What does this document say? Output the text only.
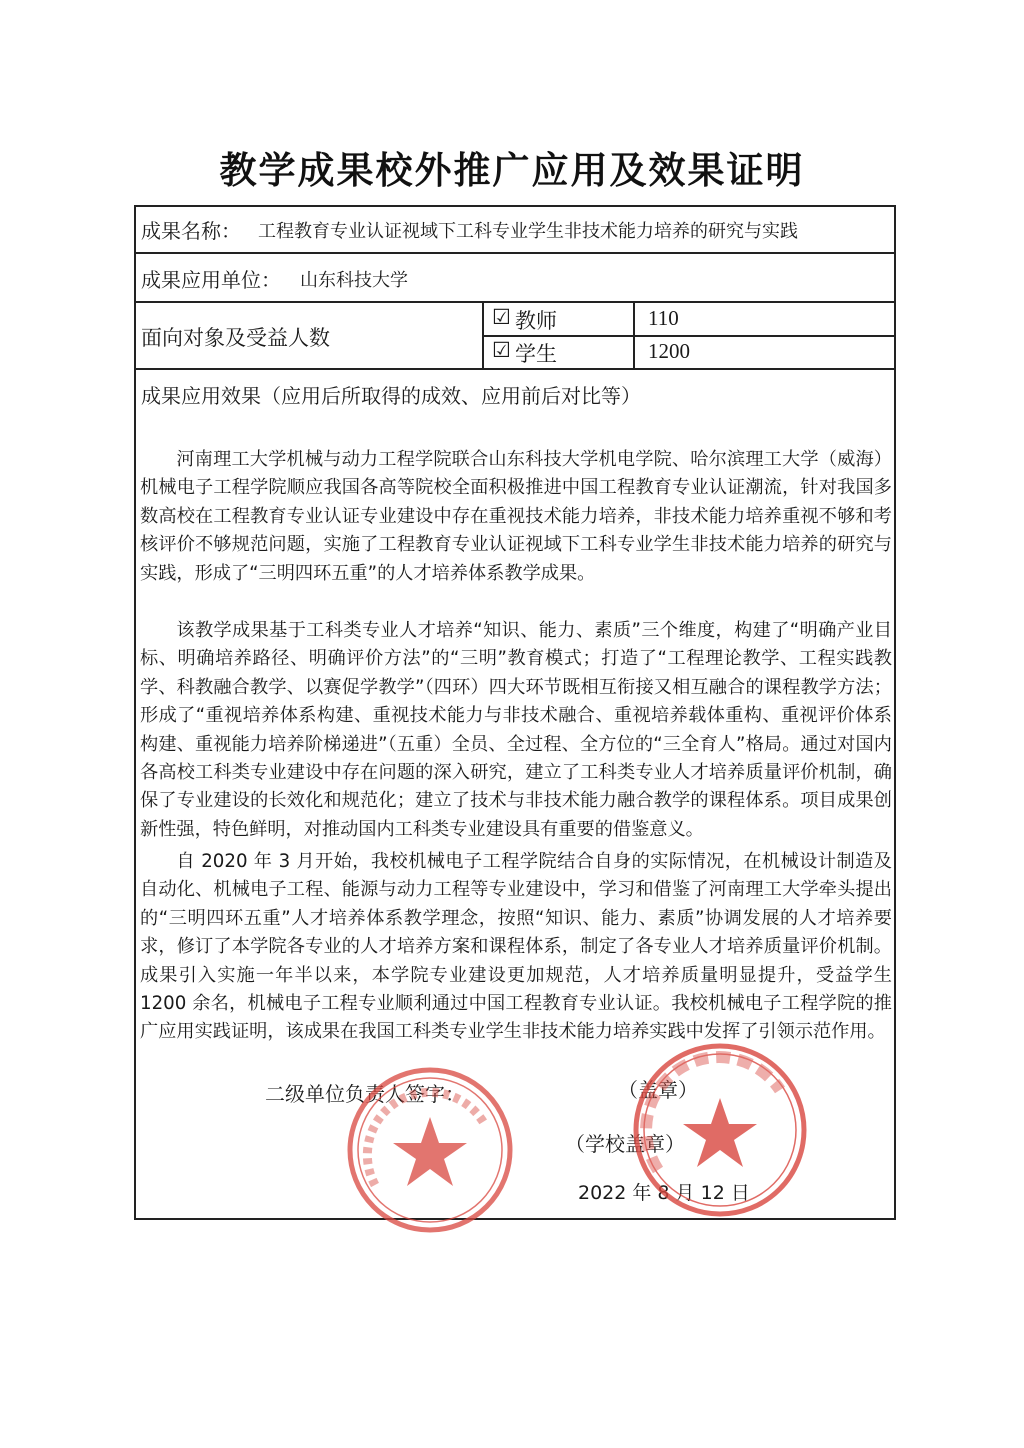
教学成果校外推广应用及效果证明
成果名称： 工程教育专业认证视域下工科专业学生非技术能力培养的研究与实践
成果应用单位： 山东科技大学
面向对象及受益人数
☑ 教师	110
☑ 学生	1200
成果应用效果（应用后所取得的成效、应用前后对比等）
河南理工大学机械与动力工程学院联合山东科技大学机电学院、哈尔滨理工大学（威海）机械电子工程学院顺应我国各高等院校全面积极推进中国工程教育专业认证潮流，针对我国多数高校在工程教育专业认证专业建设中存在重视技术能力培养，非技术能力培养重视不够和考核评价不够规范问题，实施了工程教育专业认证视域下工科专业学生非技术能力培养的研究与实践，形成了“三明四环五重”的人才培养体系教学成果。
该教学成果基于工科类专业人才培养“知识、能力、素质”三个维度，构建了“明确产业目标、明确培养路径、明确评价方法”的“三明”教育模式；打造了“工程理论教学、工程实践教学、科教融合教学、以赛促学教学”（四环）四大环节既相互衔接又相互融合的课程教学方法；形成了“重视培养体系构建、重视技术能力与非技术融合、重视培养载体重构、重视评价体系构建、重视能力培养阶梯递进”（五重）全员、全过程、全方位的“三全育人”格局。通过对国内各高校工科类专业建设中存在问题的深入研究，建立了工科类专业人才培养质量评价机制，确保了专业建设的长效化和规范化；建立了技术与非技术能力融合教学的课程体系。项目成果创新性强，特色鲜明，对推动国内工科类专业建设具有重要的借鉴意义。
自 2020 年 3 月开始，我校机械电子工程学院结合自身的实际情况，在机械设计制造及自动化、机械电子工程、能源与动力工程等专业建设中，学习和借鉴了河南理工大学牵头提出的“三明四环五重”人才培养体系教学理念，按照“知识、能力、素质”协调发展的人才培养要求，修订了本学院各专业的人才培养方案和课程体系，制定了各专业人才培养质量评价机制。成果引入实施一年半以来，本学院专业建设更加规范，人才培养质量明显提升，受益学生 1200 余名，机械电子工程专业顺利通过中国工程教育专业认证。我校机械电子工程学院的推广应用实践证明，该成果在我国工科类专业学生非技术能力培养实践中发挥了引领示范作用。
二级单位负责人签字：	（盖章）
（学校盖章）
2022 年 8 月 12 日
